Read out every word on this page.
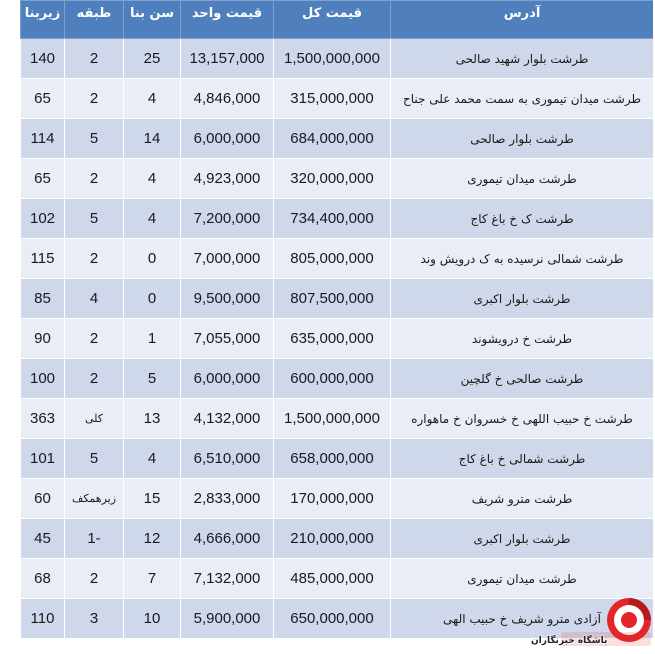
زیربنا	طبقه	سن بنا	قیمت واحد	قیمت کل	آدرس
140	2	25	13,157,000	1,500,000,000	طرشت بلوار شهید صالحی
65	2	4	4,846,000	315,000,000	طرشت میدان تیموری به سمت محمد علی جناح
114	5	14	6,000,000	684,000,000	طرشت بلوار صالحی
65	2	4	4,923,000	320,000,000	طرشت میدان تیموری
102	5	4	7,200,000	734,400,000	طرشت ک خ باغ کاج
115	2	0	7,000,000	805,000,000	طرشت شمالی نرسیده به ک درویش وند
85	4	0	9,500,000	807,500,000	طرشت بلوار اکبری
90	2	1	7,055,000	635,000,000	طرشت خ درویشوند
100	2	5	6,000,000	600,000,000	طرشت صالحی خ گلچین
363	کلی	13	4,132,000	1,500,000,000	طرشت خ حبیب اللهی خ خسروان خ ماهواره
101	5	4	6,510,000	658,000,000	طرشت شمالی خ باغ کاج
60	زیرهمکف	15	2,833,000	170,000,000	طرشت مترو شریف
45	1-	12	4,666,000	210,000,000	طرشت بلوار اکبری
68	2	7	7,132,000	485,000,000	طرشت میدان تیموری
110	3	10	5,900,000	650,000,000	آزادی مترو شریف خ حبیب الهی
باشگاه خبرنگاران
